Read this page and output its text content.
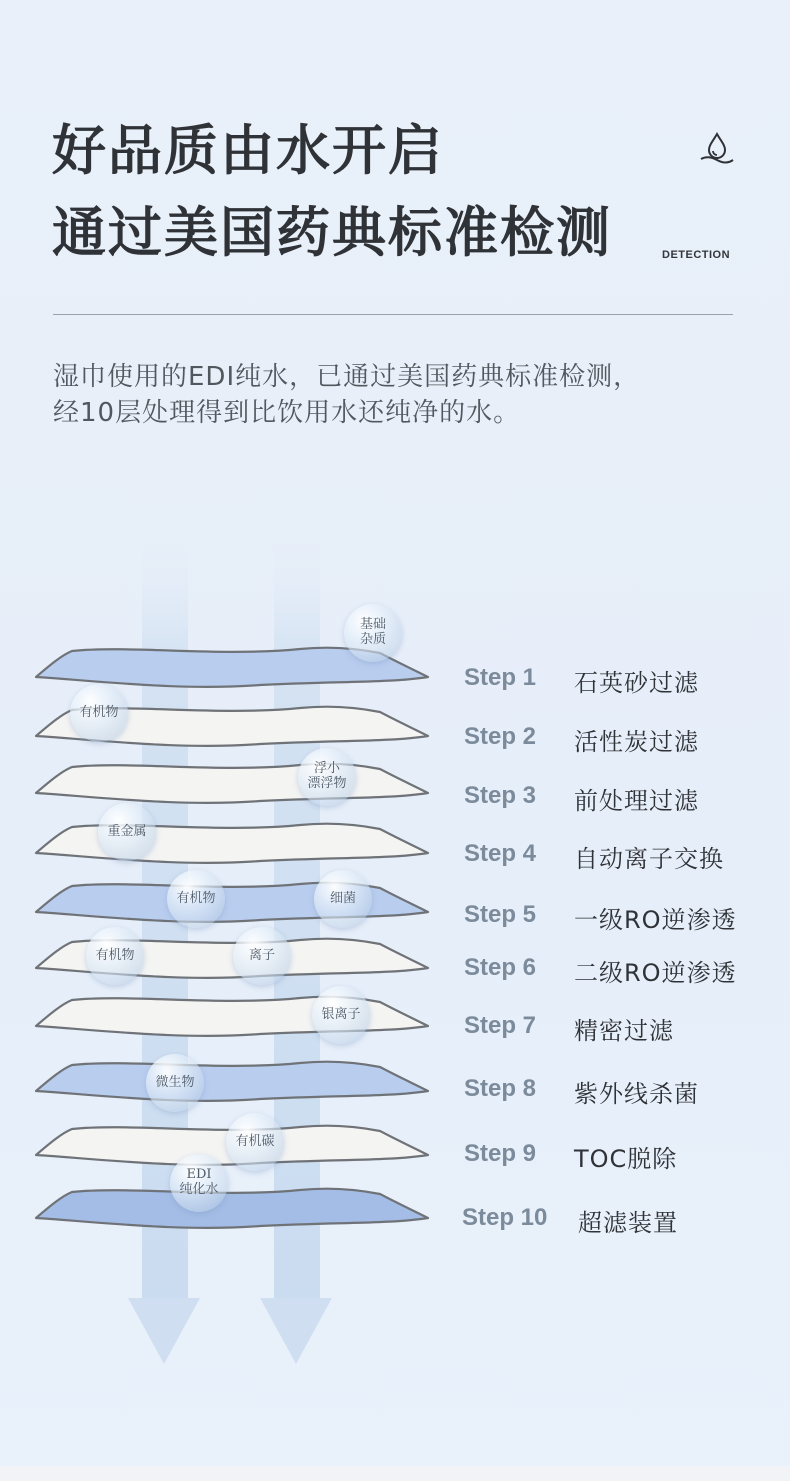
好品质由水开启
通过美国药典标准检测	DETECTION
湿巾使用的EDI纯水，已通过美国药典标准检测，
经10层处理得到比饮用水还纯净的水。
Step 1 石英砂过滤
Step 2 活性炭过滤
Step 3 前处理过滤
Step 4 自动离子交换
Step 5 一级RO逆渗透
Step 6 二级RO逆渗透
Step 7 精密过滤
Step 8 紫外线杀菌
Step 9 TOC脱除
Step 10 超滤装置
基础
杂质
有机物
浮小
漂浮物
重金属
有机物	细菌
有机物	离子
银离子
微生物
有机碳
EDI
纯化水
